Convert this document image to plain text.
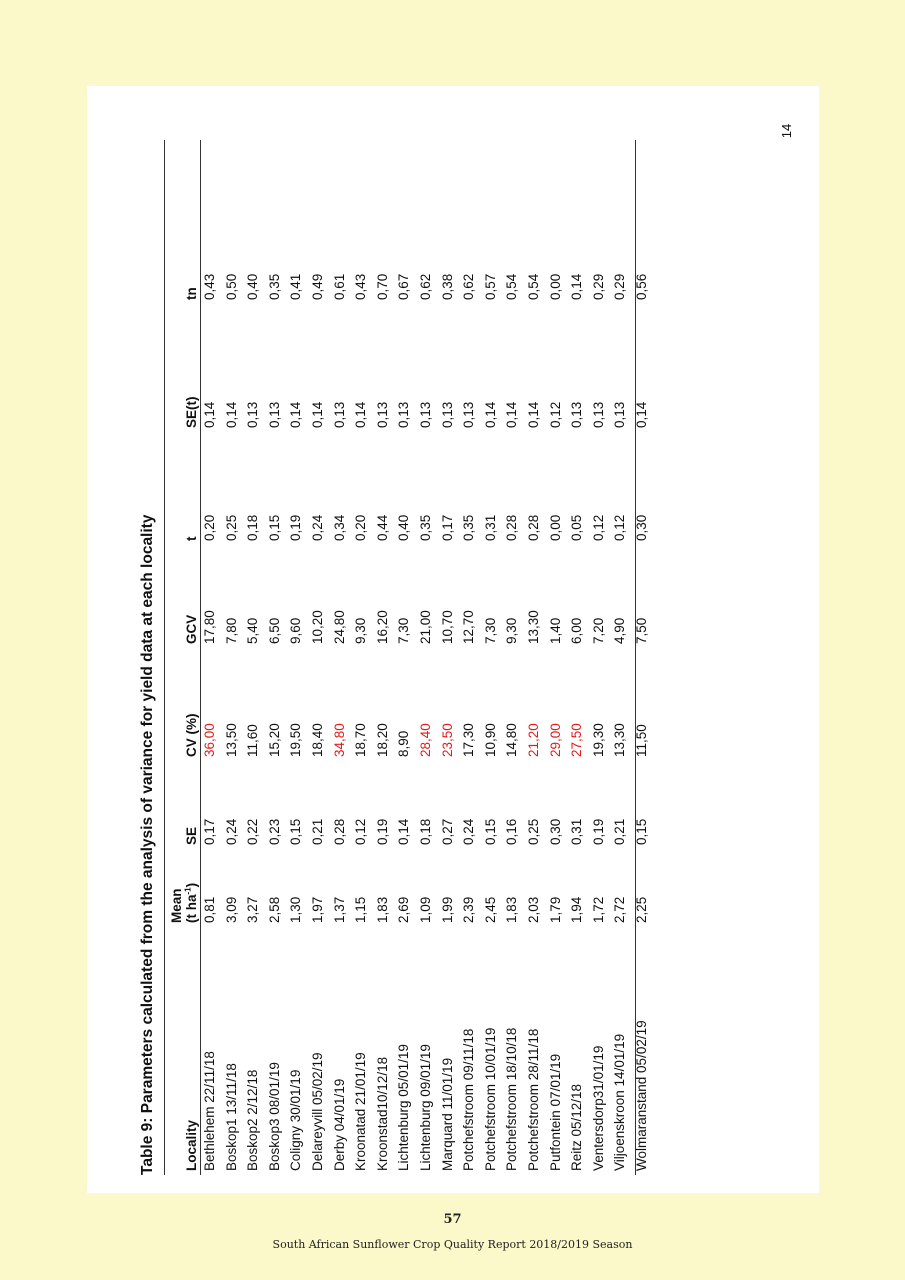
14
Table 9: Parameters calculated from the analysis of variance for yield data at each locality	Locality	Mean
(t $ha^{-1}$)	SE	CV (%)	GCV	t	SE(t)	tn
Bethlehem 22/11/18	0,81	0,17	36,00	17,80	0,20	0,14	0,43
Boskop1 13/11/18	3,09	0,24	13,50	7,80	0,25	0,14	0,50
Boskop2 2/12/18	3,27	0,22	11,60	5,40	0,18	0,13	0,40
Boskop3 08/01/19	2,58	0,23	15,20	6,50	0,15	0,13	0,35
Coligny 30/01/19	1,30	0,15	19,50	9,60	0,19	0,14	0,41
Delareyvill 05/02/19	1,97	0,21	18,40	10,20	0,24	0,14	0,49
Derby 04/01/19	1,37	0,28	34,80	24,80	0,34	0,13	0,61
Kroonatad 21/01/19	1,15	0,12	18,70	9,30	0,20	0,14	0,43
Kroonstad10/12/18	1,83	0,19	18,20	16,20	0,44	0,13	0,70
Lichtenburg 05/01/19	2,69	0,14	8,90	7,30	0,40	0,13	0,67
Lichtenburg 09/01/19	1,09	0,18	28,40	21,00	0,35	0,13	0,62
Marquard 11/01/19	1,99	0,27	23,50	10,70	0,17	0,13	0,38
Potchefstroom 09/11/18	2,39	0,24	17,30	12,70	0,35	0,13	0,62
Potchefstroom 10/01/19	2,45	0,15	10,90	7,30	0,31	0,14	0,57
Potchefstroom 18/10/18	1,83	0,16	14,80	9,30	0,28	0,14	0,54
Potchefstroom 28/11/18	2,03	0,25	21,20	13,30	0,28	0,14	0,54
Putfontein 07/01/19	1,79	0,30	29,00	1,40	0,00	0,12	0,00
Reitz 05/12/18	1,94	0,31	27,50	6,00	0,05	0,13	0,14
Ventersdorp31/01/19	1,72	0,19	19,30	7,20	0,12	0,13	0,29
Viljoenskroon 14/01/19	2,72	0,21	13,30	4,90	0,12	0,13	0,29
Wolmaranstand 05/02/19	2,25	0,15	11,50	7,50	0,30	0,14	0,56
57
South African Sunflower Crop Quality Report 2018/2019 Season
